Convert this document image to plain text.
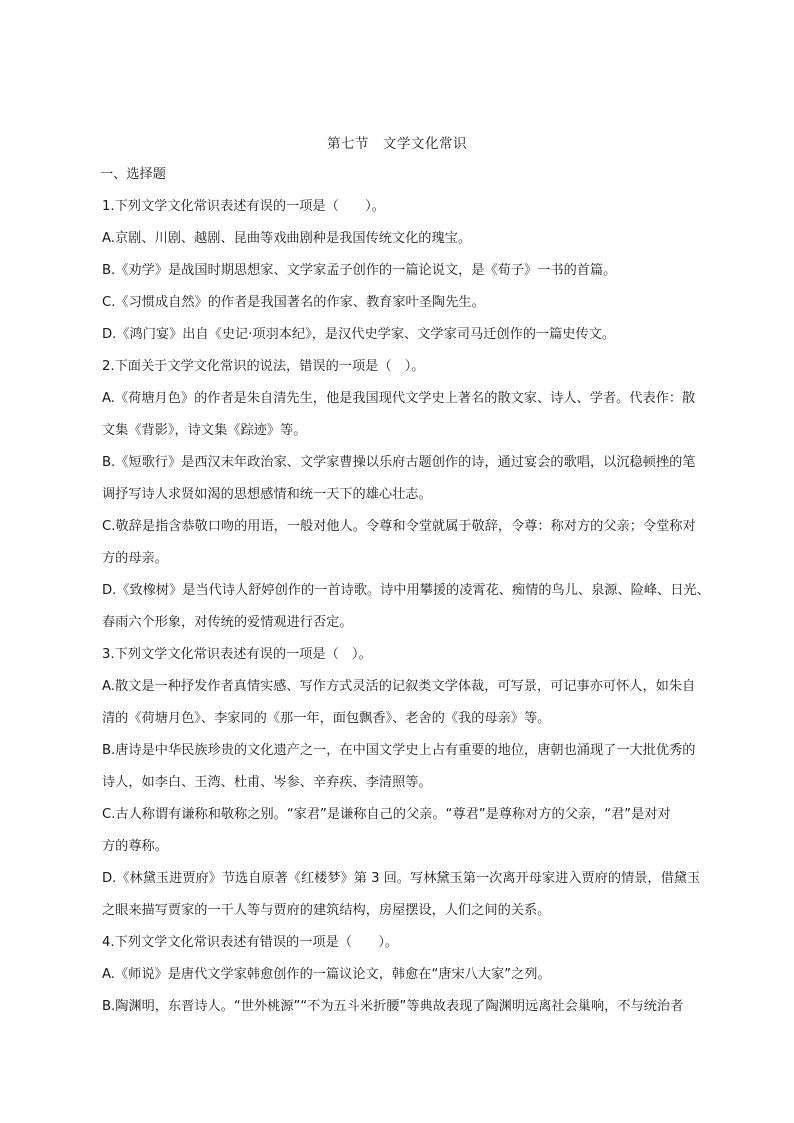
第七节　文学文化常识
一、选择题
1.下列文学文化常识表述有误的一项是（　　）。
A.京剧、川剧、越剧、昆曲等戏曲剧种是我国传统文化的瑰宝。
B.《劝学》是战国时期思想家、文学家孟子创作的一篇论说文，是《荀子》一书的首篇。
C.《习惯成自然》的作者是我国著名的作家、教育家叶圣陶先生。
D.《鸿门宴》出自《史记·项羽本纪》，是汉代史学家、文学家司马迁创作的一篇史传文。
2.下面关于文学文化常识的说法，错误的一项是（　）。
A.《荷塘月色》的作者是朱自清先生，他是我国现代文学史上著名的散文家、诗人、学者。代表作：散
文集《背影》，诗文集《踪迹》等。
B.《短歌行》是西汉末年政治家、文学家曹操以乐府古题创作的诗，通过宴会的歌唱，以沉稳顿挫的笔
调抒写诗人求贤如渴的思想感情和统一天下的雄心壮志。
C.敬辞是指含恭敬口吻的用语，一般对他人。令尊和令堂就属于敬辞，令尊：称对方的父亲；令堂称对
方的母亲。
D.《致橡树》是当代诗人舒婷创作的一首诗歌。诗中用攀援的凌霄花、痴情的鸟儿、泉源、险峰、日光、
春雨六个形象，对传统的爱情观进行否定。
3.下列文学文化常识表述有误的一项是（　）。
A.散文是一种抒发作者真情实感、写作方式灵活的记叙类文学体裁，可写景，可记事亦可怀人，如朱自
清的《荷塘月色》、李家同的《那一年，面包飘香》、老舍的《我的母亲》等。
B.唐诗是中华民族珍贵的文化遗产之一，在中国文学史上占有重要的地位，唐朝也涌现了一大批优秀的
诗人，如李白、王湾、杜甫、岑参、辛弃疾、李清照等。
C.古人称谓有谦称和敬称之别。“家君”是谦称自己的父亲。“尊君”是尊称对方的父亲，“君”是对对
方的尊称。
D.《林黛玉进贾府》节选自原著《红楼梦》第 3 回。写林黛玉第一次离开母家进入贾府的情景，借黛玉
之眼来描写贾家的一干人等与贾府的建筑结构，房屋摆设，人们之间的关系。
4.下列文学文化常识表述有错误的一项是（　　）。
A.《师说》是唐代文学家韩愈创作的一篇议论文，韩愈在“唐宋八大家”之列。
B.陶渊明，东晋诗人。“世外桃源”“不为五斗米折腰”等典故表现了陶渊明远离社会巢响，不与统治者
